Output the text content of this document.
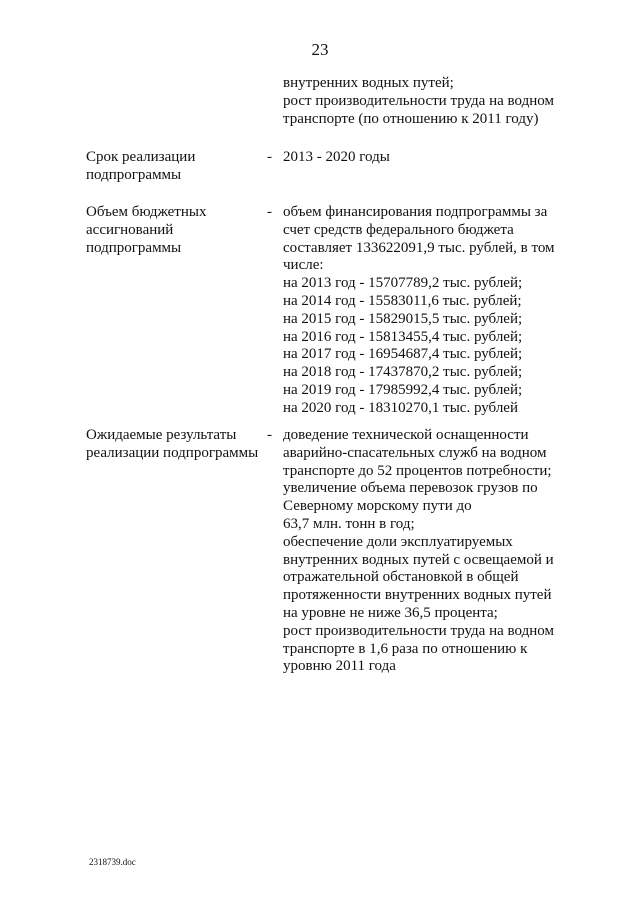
23
внутренних водных путей;
рост производительности труда на водном
транспорте (по отношению к 2011 году)
Срок реализации
подпрограммы
- 2013 - 2020 годы
Объем бюджетных
ассигнований
подпрограммы
- объем финансирования подпрограммы за
счет средств федерального бюджета
составляет 133622091,9 тыс. рублей, в том
числе:
на 2013 год - 15707789,2 тыс. рублей;
на 2014 год - 15583011,6 тыс. рублей;
на 2015 год - 15829015,5 тыс. рублей;
на 2016 год - 15813455,4 тыс. рублей;
на 2017 год - 16954687,4 тыс. рублей;
на 2018 год - 17437870,2 тыс. рублей;
на 2019 год - 17985992,4 тыс. рублей;
на 2020 год - 18310270,1 тыс. рублей
Ожидаемые результаты
реализации подпрограммы
- доведение технической оснащенности
аварийно-спасательных служб на водном
транспорте до 52 процентов потребности;
увеличение объема перевозок грузов по
Северному морскому пути до
63,7 млн. тонн в год;
обеспечение доли эксплуатируемых
внутренних водных путей с освещаемой и
отражательной обстановкой в общей
протяженности внутренних водных путей
на уровне не ниже 36,5 процента;
рост производительности труда на водном
транспорте в 1,6 раза по отношению к
уровню 2011 года
2318739.doc
